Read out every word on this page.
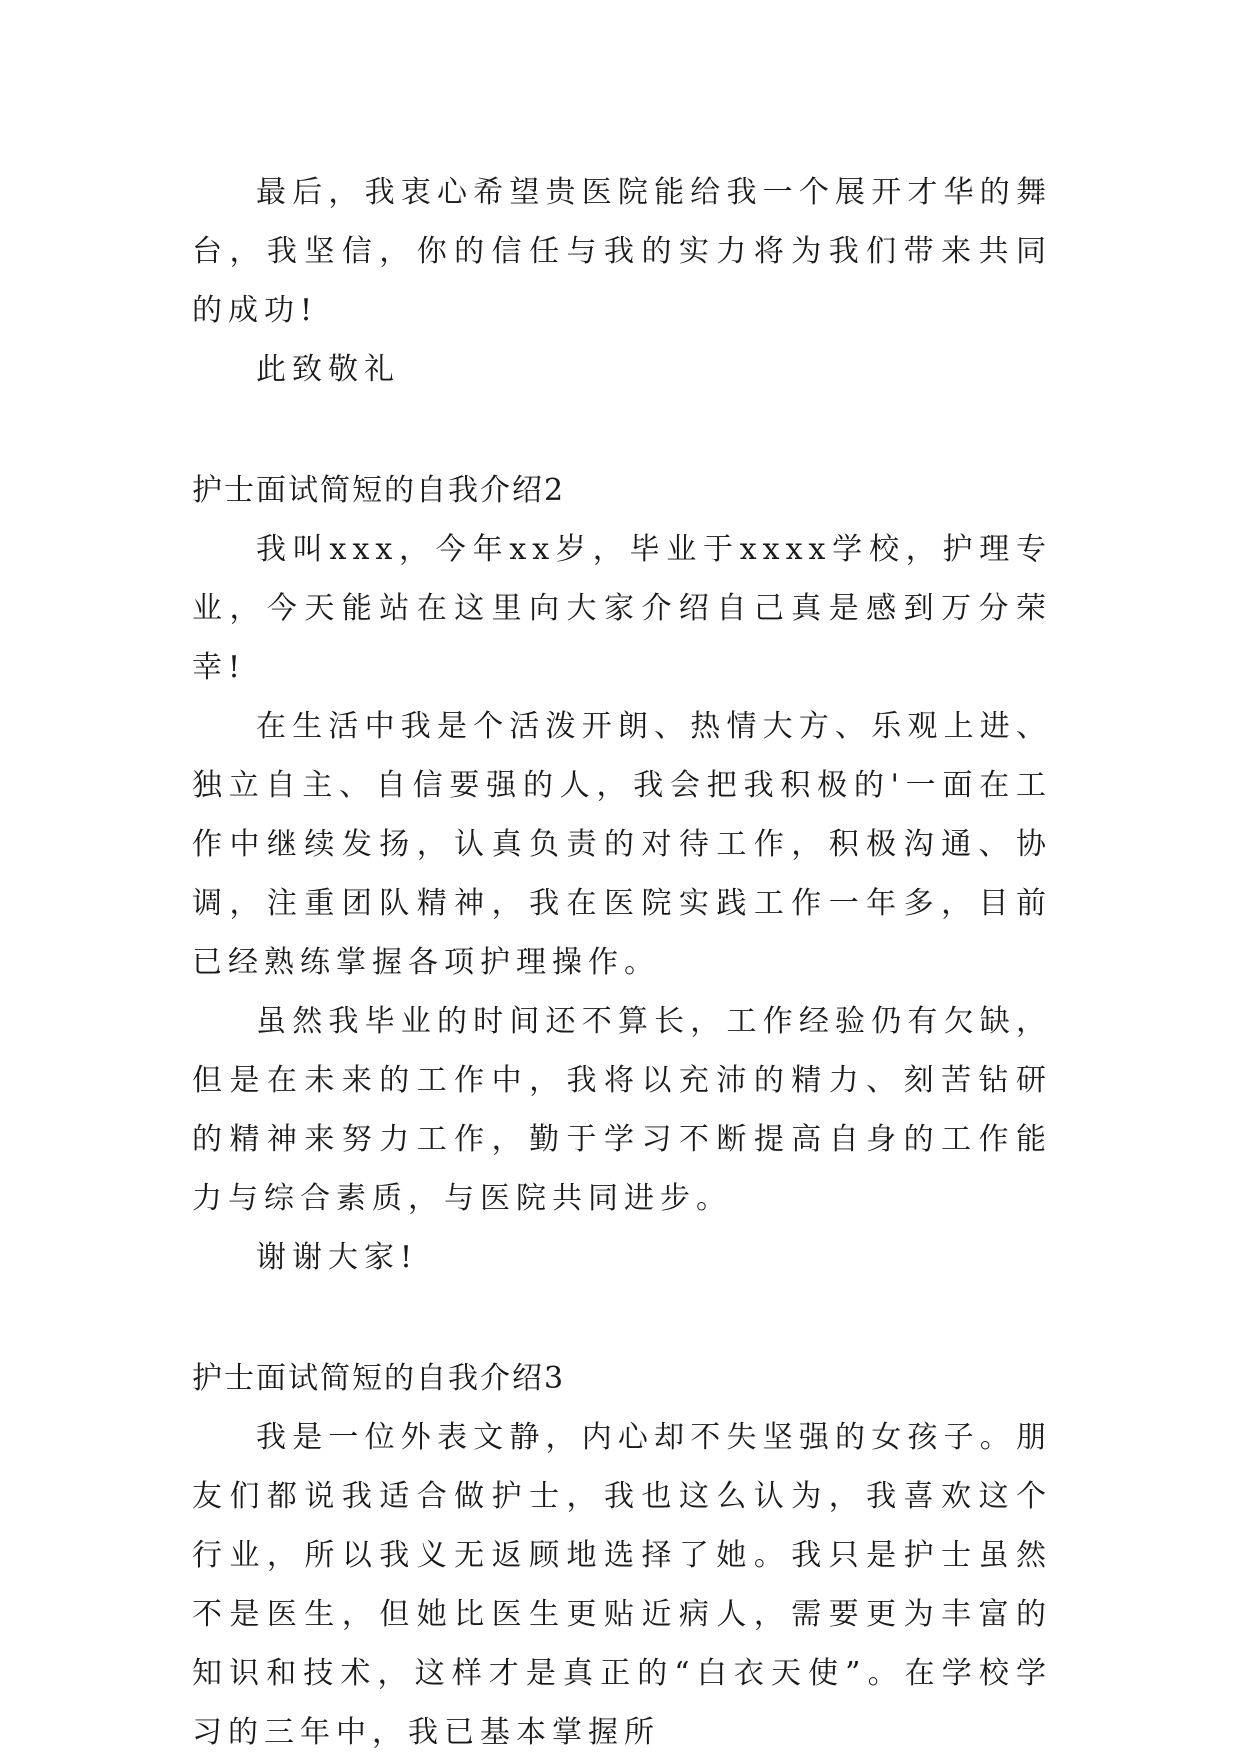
最后，我衷心希望贵医院能给我一个展开才华的舞台，我坚信，你的信任与我的实力将为我们带来共同的成功!

此致敬礼

护士面试简短的自我介绍2

我叫xxx，今年xx岁，毕业于xxxx学校，护理专业，今天能站在这里向大家介绍自己真是感到万分荣幸!

在生活中我是个活泼开朗、热情大方、乐观上进、独立自主、自信要强的人，我会把我积极的'一面在工作中继续发扬，认真负责的对待工作，积极沟通、协调，注重团队精神，我在医院实践工作一年多，目前已经熟练掌握各项护理操作。

虽然我毕业的时间还不算长，工作经验仍有欠缺，但是在未来的工作中，我将以充沛的精力、刻苦钻研的精神来努力工作，勤于学习不断提高自身的工作能力与综合素质，与医院共同进步。

谢谢大家!

护士面试简短的自我介绍3

我是一位外表文静，内心却不失坚强的女孩子。朋友们都说我适合做护士，我也这么认为，我喜欢这个行业，所以我义无返顾地选择了她。我只是护士虽然不是医生，但她比医生更贴近病人，需要更为丰富的知识和技术，这样才是真正的“白衣天使”。在学校学习的三年中，我已基本掌握所
